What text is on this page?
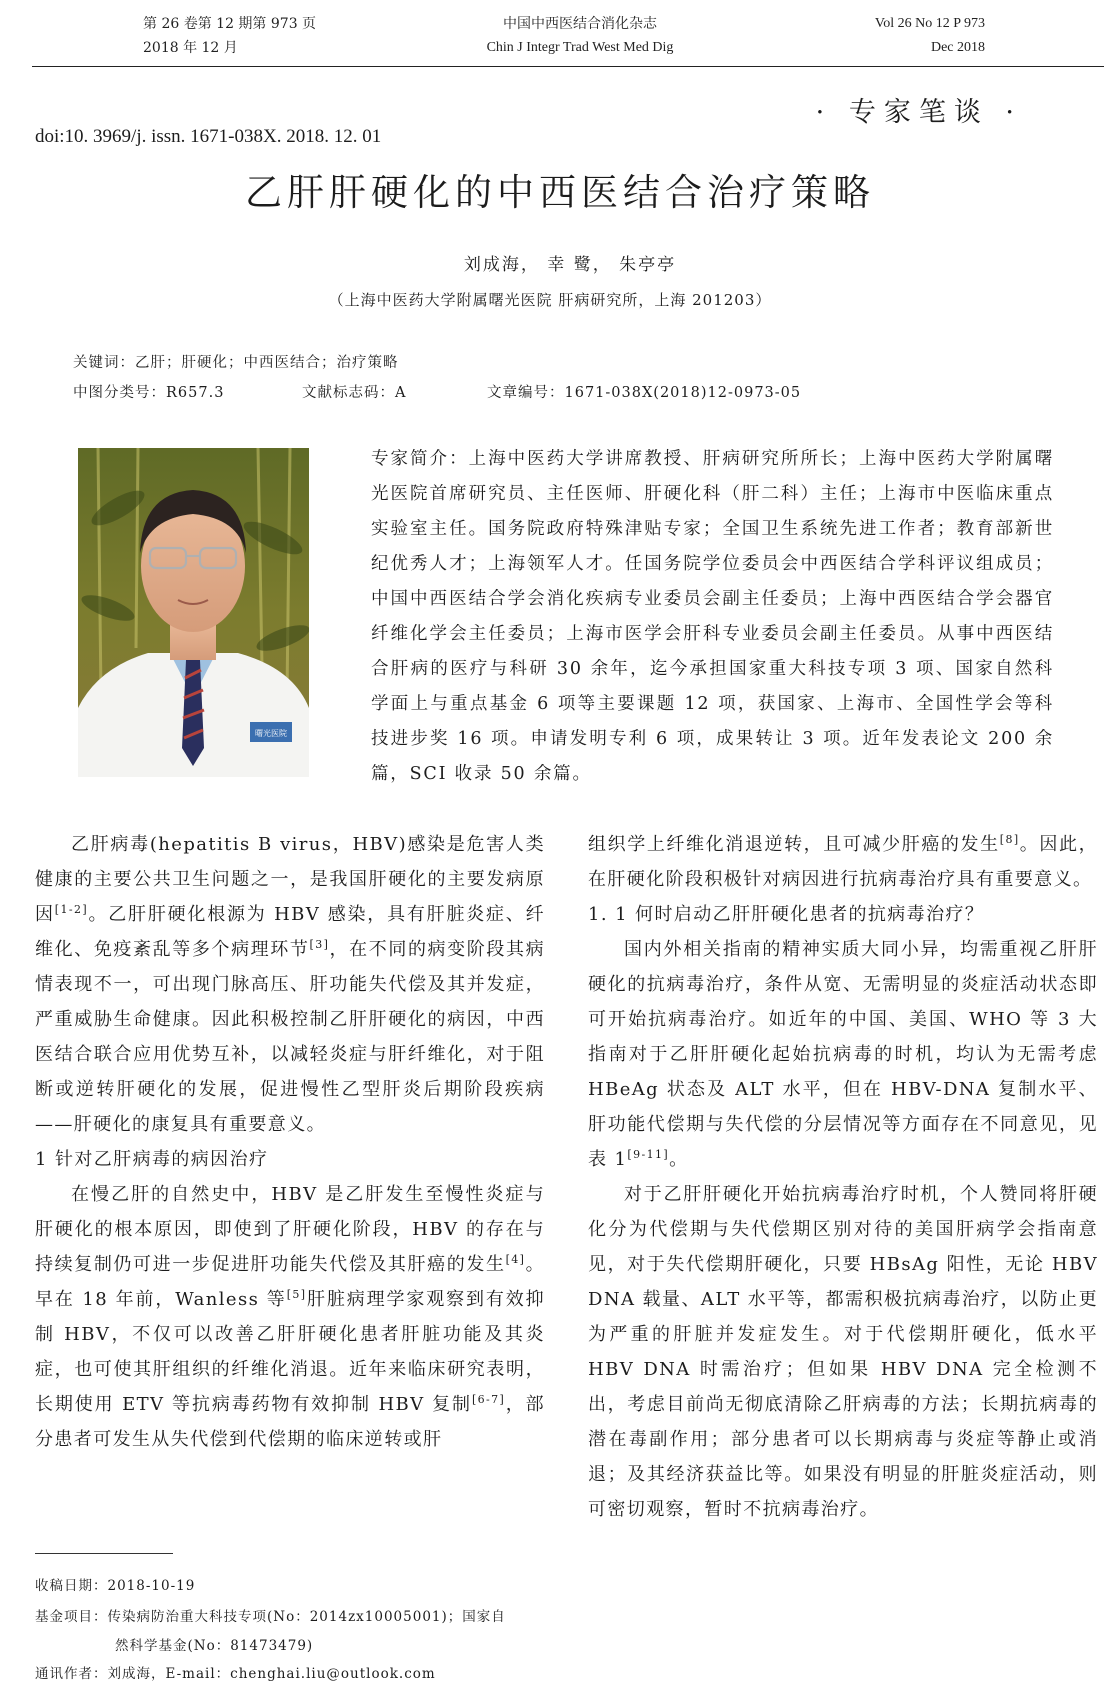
第 26 卷第 12 期第 973 页
2018 年 12 月
中国中西医结合消化杂志
Chin J Integr Trad West Med Dig
Vol 26 No 12 P 973
Dec 2018
· 专家笔谈 ·
doi:10. 3969/j. issn. 1671-038X. 2018. 12. 01
乙肝肝硬化的中西医结合治疗策略
刘成海， 幸 鹭， 朱亭亭
（上海中医药大学附属曙光医院 肝病研究所，上海 201203）
关键词：乙肝；肝硬化；中西医结合；治疗策略
中图分类号：R657.3	文献标志码：A	文章编号：1671-038X(2018)12-0973-05
曙光医院
专家简介：上海中医药大学讲席教授、肝病研究所所长；上海中医药大学附属曙光医院首席研究员、主任医师、肝硬化科（肝二科）主任；上海市中医临床重点实验室主任。国务院政府特殊津贴专家；全国卫生系统先进工作者；教育部新世纪优秀人才；上海领军人才。任国务院学位委员会中西医结合学科评议组成员；中国中西医结合学会消化疾病专业委员会副主任委员；上海中西医结合学会器官纤维化学会主任委员；上海市医学会肝科专业委员会副主任委员。从事中西医结合肝病的医疗与科研 30 余年，迄今承担国家重大科技专项 3 项、国家自然科学面上与重点基金 6 项等主要课题 12 项，获国家、上海市、全国性学会等科技进步奖 16 项。申请发明专利 6 项，成果转让 3 项。近年发表论文 200 余篇，SCI 收录 50 余篇。

乙肝病毒(hepatitis B virus，HBV)感染是危害人类健康的主要公共卫生问题之一，是我国肝硬化的主要发病原因[1-2]。乙肝肝硬化根源为 HBV 感染，具有肝脏炎症、纤维化、免疫紊乱等多个病理环节[3]，在不同的病变阶段其病情表现不一，可出现门脉高压、肝功能失代偿及其并发症，严重威胁生命健康。因此积极控制乙肝肝硬化的病因，中西医结合联合应用优势互补，以减轻炎症与肝纤维化，对于阻断或逆转肝硬化的发展，促进慢性乙型肝炎后期阶段疾病——肝硬化的康复具有重要意义。

1 针对乙肝病毒的病因治疗

在慢乙肝的自然史中，HBV 是乙肝发生至慢性炎症与肝硬化的根本原因，即使到了肝硬化阶段，HBV 的存在与持续复制仍可进一步促进肝功能失代偿及其肝癌的发生[4]。早在 18 年前，Wanless 等[5]肝脏病理学家观察到有效抑制 HBV，不仅可以改善乙肝肝硬化患者肝脏功能及其炎症，也可使其肝组织的纤维化消退。近年来临床研究表明，长期使用 ETV 等抗病毒药物有效抑制 HBV 复制[6-7]，部分患者可发生从失代偿到代偿期的临床逆转或肝

组织学上纤维化消退逆转，且可减少肝癌的发生[8]。因此，在肝硬化阶段积极针对病因进行抗病毒治疗具有重要意义。

1. 1 何时启动乙肝肝硬化患者的抗病毒治疗？

国内外相关指南的精神实质大同小异，均需重视乙肝肝硬化的抗病毒治疗，条件从宽、无需明显的炎症活动状态即可开始抗病毒治疗。如近年的中国、美国、WHO 等 3 大指南对于乙肝肝硬化起始抗病毒的时机，均认为无需考虑 HBeAg 状态及 ALT 水平，但在 HBV-DNA 复制水平、肝功能代偿期与失代偿的分层情况等方面存在不同意见，见表 1[9-11]。

对于乙肝肝硬化开始抗病毒治疗时机，个人赞同将肝硬化分为代偿期与失代偿期区别对待的美国肝病学会指南意见，对于失代偿期肝硬化，只要 HBsAg 阳性，无论 HBV DNA 载量、ALT 水平等，都需积极抗病毒治疗，以防止更为严重的肝脏并发症发生。对于代偿期肝硬化，低水平 HBV DNA 时需治疗；但如果 HBV DNA 完全检测不出，考虑目前尚无彻底清除乙肝病毒的方法；长期抗病毒的潜在毒副作用；部分患者可以长期病毒与炎症等静止或消退；及其经济获益比等。如果没有明显的肝脏炎症活动，则可密切观察，暂时不抗病毒治疗。

收稿日期：2018-10-19
基金项目：传染病防治重大科技专项(No：2014zx10005001)；国家自
然科学基金(No：81473479)
通讯作者：刘成海，E-mail：chenghai.liu@outlook.com
